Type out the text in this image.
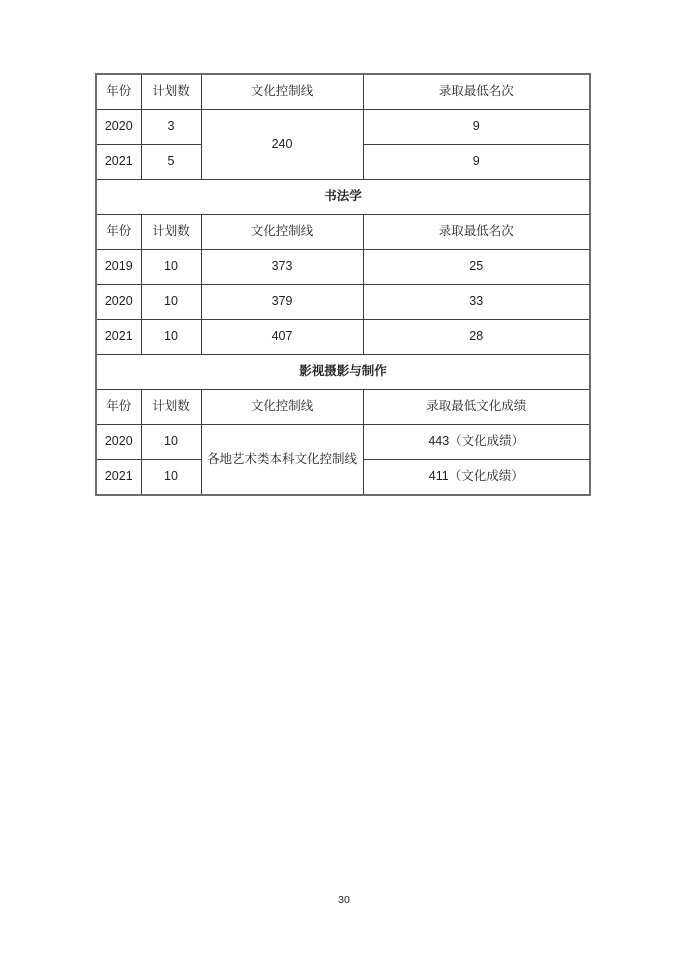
年份	计划数	文化控制线	录取最低名次
2020	3	240	9
2021	5		9
书法学			
年份	计划数	文化控制线	录取最低名次
2019	10	373	25
2020	10	379	33
2021	10	407	28
影视摄影与制作			
年份	计划数	文化控制线	录取最低文化成绩
2020	10	各地艺术类本科文化控制线	443（文化成绩）
2021	10		411（文化成绩）
30
